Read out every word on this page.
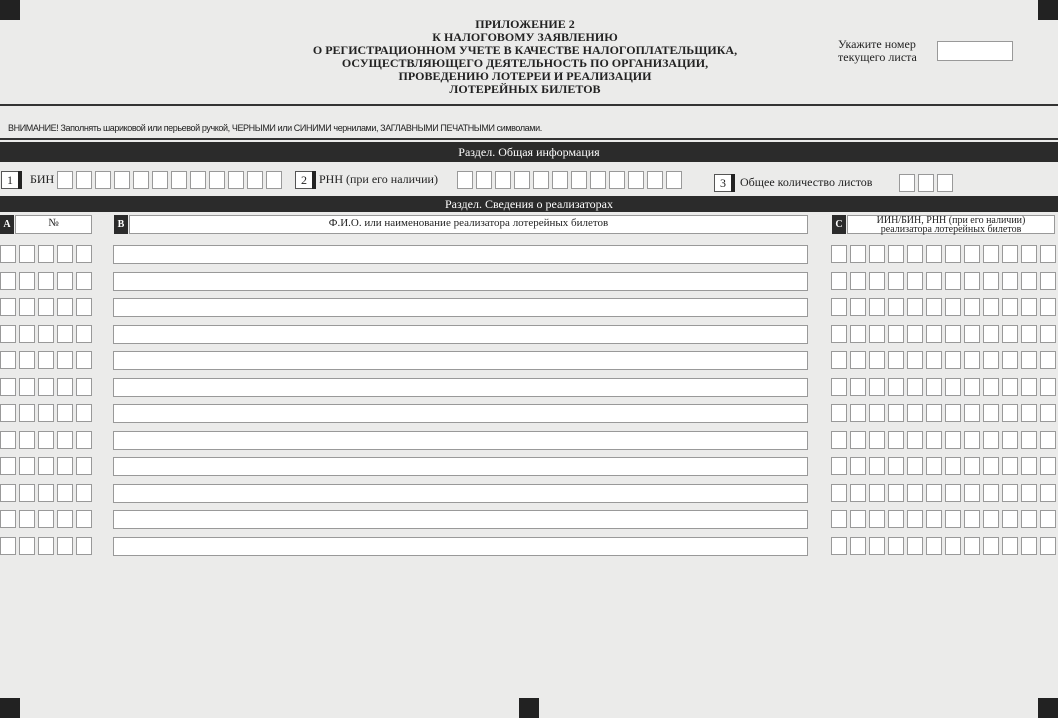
ПРИЛОЖЕНИЕ 2
К НАЛОГОВОМУ ЗАЯВЛЕНИЮ
О РЕГИСТРАЦИОННОМ УЧЕТЕ В КАЧЕСТВЕ НАЛОГОПЛАТЕЛЬЩИКА,
ОСУЩЕСТВЛЯЮЩЕГО ДЕЯТЕЛЬНОСТЬ ПО ОРГАНИЗАЦИИ,
ПРОВЕДЕНИЮ ЛОТЕРЕИ И РЕАЛИЗАЦИИ
ЛОТЕРЕЙНЫХ БИЛЕТОВ
Укажите номер
текущего листа
ВНИМАНИЕ! Заполнять шариковой или перьевой ручкой, ЧЕРНЫМИ или СИНИМИ чернилами, ЗАГЛАВНЫМИ ПЕЧАТНЫМИ символами.
Раздел. Общая информация
1	БИН	2	РНН (при его наличии)	3	Общее количество листов
Раздел. Сведения о реализаторах
A	№	B	Ф.И.О. или наименование реализатора лотерейных билетов	C	ИИН/БИН, РНН (при его наличии)
реализатора лотерейных билетов
